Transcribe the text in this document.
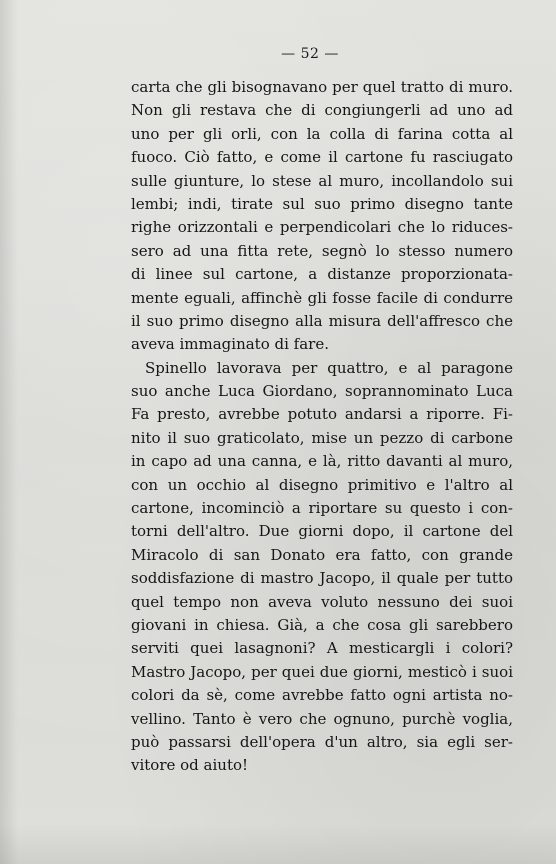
— 52 —
carta che gli bisognavano per quel tratto di muro.
Non gli restava che di congiungerli ad uno ad
uno per gli orli, con la colla di farina cotta al
fuoco. Ciò fatto, e come il cartone fu rasciugato
sulle giunture, lo stese al muro, incollandolo sui
lembi; indi, tirate sul suo primo disegno tante
righe orizzontali e perpendicolari che lo riduces-
sero ad una fitta rete, segnò lo stesso numero
di linee sul cartone, a distanze proporzionata-
mente eguali, affinchè gli fosse facile di condurre
il suo primo disegno alla misura dell'affresco che
aveva immaginato di fare.
Spinello lavorava per quattro, e al paragone
suo anche Luca Giordano, soprannominato Luca
Fa presto, avrebbe potuto andarsi a riporre. Fi-
nito il suo graticolato, mise un pezzo di carbone
in capo ad una canna, e là, ritto davanti al muro,
con un occhio al disegno primitivo e l'altro al
cartone, incominciò a riportare su questo i con-
torni dell'altro. Due giorni dopo, il cartone del
Miracolo di san Donato era fatto, con grande
soddisfazione di mastro Jacopo, il quale per tutto
quel tempo non aveva voluto nessuno dei suoi
giovani in chiesa. Già, a che cosa gli sarebbero
serviti quei lasagnoni? A mesticargli i colori?
Mastro Jacopo, per quei due giorni, mesticò i suoi
colori da sè, come avrebbe fatto ogni artista no-
vellino. Tanto è vero che ognuno, purchè voglia,
può passarsi dell'opera d'un altro, sia egli ser-
vitore od aiuto!
